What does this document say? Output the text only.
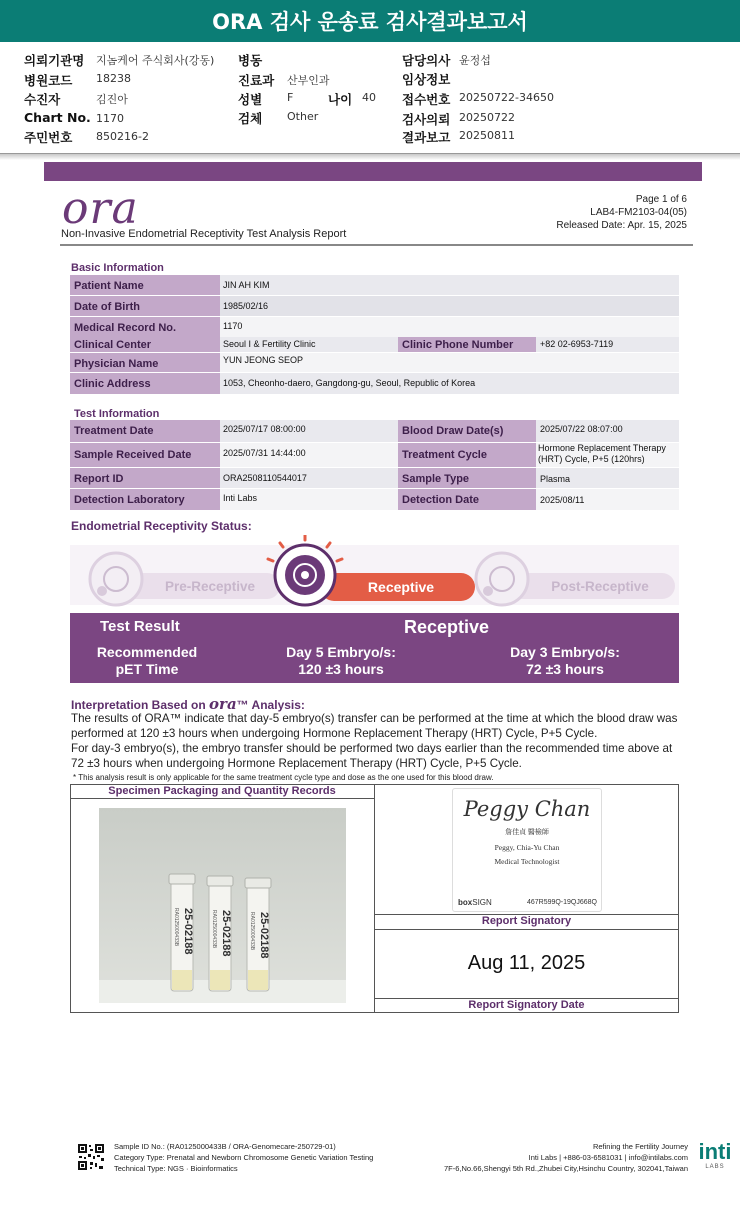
ORA 검사 운송료 검사결과보고서
의뢰기관명 지놈케어 주식회사(강동)
병원코드 18238
수진자	김진아
Chart No. 1170
주민번호 850216-2
병동
진료과 산부인과
성별 F	나이 40
검체 Other
담당의사 윤정섭
임상정보
접수번호 20250722-34650
검사의뢰 20250722
결과보고 20250811
ora
Non-Invasive Endometrial Receptivity Test Analysis Report
Page 1 of 6
LAB4-FM2103-04(05)
Released Date: Apr. 15, 2025
Basic Information
Patient Name	JIN AH KIM
Date of Birth	1985/02/16
Medical Record No.	1170
Clinical Center	Seoul I & Fertility Clinic	Clinic Phone Number	+82 02-6953-7119
Physician Name	YUN JEONG SEOP
Clinic Address	1053, Cheonho-daero, Gangdong-gu, Seoul, Republic of Korea
Test Information
Treatment Date	2025/07/17 08:00:00	Blood Draw Date(s)	2025/07/22 08:07:00
Sample Received Date	2025/07/31 14:44:00	Treatment Cycle
Hormone Replacement Therapy
(HRT) Cycle, P+5 (120hrs)
Report ID	ORA2508110544017	Sample Type	Plasma
Detection Laboratory	Inti Labs	Detection Date	2025/08/11
Endometrial Receptivity Status:
Pre-Receptive	Receptive	Post-Receptive
Test Result	Receptive
Recommended
pET Time
Day 5 Embryo/s:
120 ±3 hours
Day 3 Embryo/s:
72 ±3 hours
Interpretation Based on ora™ Analysis:
The results of ORA™ indicate that day-5 embryo(s) transfer can be performed at the time at which the blood draw was performed at 120 ±3 hours when undergoing Hormone Replacement Therapy (HRT) Cycle, P+5 Cycle.
For day-3 embryo(s), the embryo transfer should be performed two days earlier than the recommended time above at 72 ±3 hours when undergoing Hormone Replacement Therapy (HRT) Cycle, P+5 Cycle.
* This analysis result is only applicable for the same treatment cycle type and dose as the one used for this blood draw.
Specimen Packaging and Quantity Records
25-02188
RA0125000433B	25-02188
RA0125000433B	25-02188
RA0125000433B
Peggy Chan
詹佳貞 醫檢師
Peggy, Chia-Yu Chan
Medical Technologist
boxSIGN	467R599Q-19QJ668Q
Report Signatory
Aug 11, 2025
Report Signatory Date
Sample ID No.: (RA0125000433B / ORA-Genomecare-250729-01)
Category Type: Prenatal and Newborn Chromosome Genetic Variation Testing
Technical Type: NGS · Bioinformatics
Refining the Fertility Journey
Inti Labs | +886-03-6581031 | info@intilabs.com
7F-6,No.66,Shengyi 5th Rd.,Zhubei City,Hsinchu Country, 302041,Taiwan
inti
LABS
